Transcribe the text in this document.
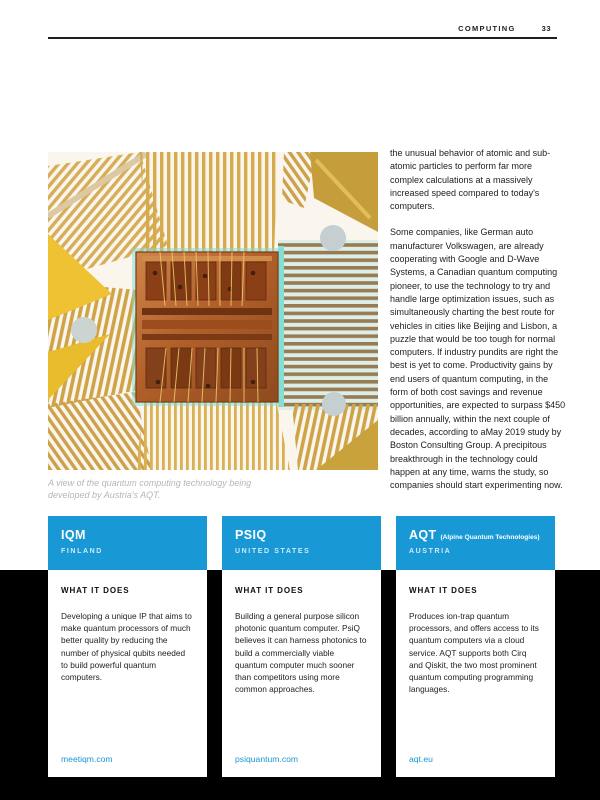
COMPUTING	33
A view of the quantum computing technology being developed by Austria's AQT.

the unusual behavior of atomic and sub-atomic particles to perform far more complex calculations at a massively increased speed compared to today's computers.

Some companies, like German auto manufacturer Volkswagen, are already cooperating with Google and D-Wave Systems, a Canadian quantum computing pioneer, to use the technology to try and handle large optimization issues, such as simultaneously charting the best route for vehicles in cities like Beijing and Lisbon, a puzzle that would be too tough for normal computers. If industry pundits are right the best is yet to come. Productivity gains by end users of quantum computing, in the form of both cost savings and revenue opportunities, are expected to surpass $450 billion annually, within the next couple of decades, according to aMay 2019 study by Boston Consulting Group. A precipitous breakthrough in the technology could happen at any time, warns the study, so companies should start experimenting now.

IQM
FINLAND
WHAT IT DOES
Developing a unique IP that aims to make quantum processors of much better quality by reducing the number of physical qubits needed to build powerful quantum computers.
meetiqm.com
PSIQ
UNITED STATES
WHAT IT DOES
Building a general purpose silicon photonic quantum computer. PsiQ believes it can harness photonics to build a commercially viable quantum computer much sooner than competitors using more common approaches.
psiquantum.com
AQT (Alpine Quantum Technologies)
AUSTRIA
WHAT IT DOES
Produces ion-trap quantum processors, and offers access to its quantum computers via a cloud service. AQT supports both Cirq and Qiskit, the two most prominent quantum computing programming languages.
aqt.eu
